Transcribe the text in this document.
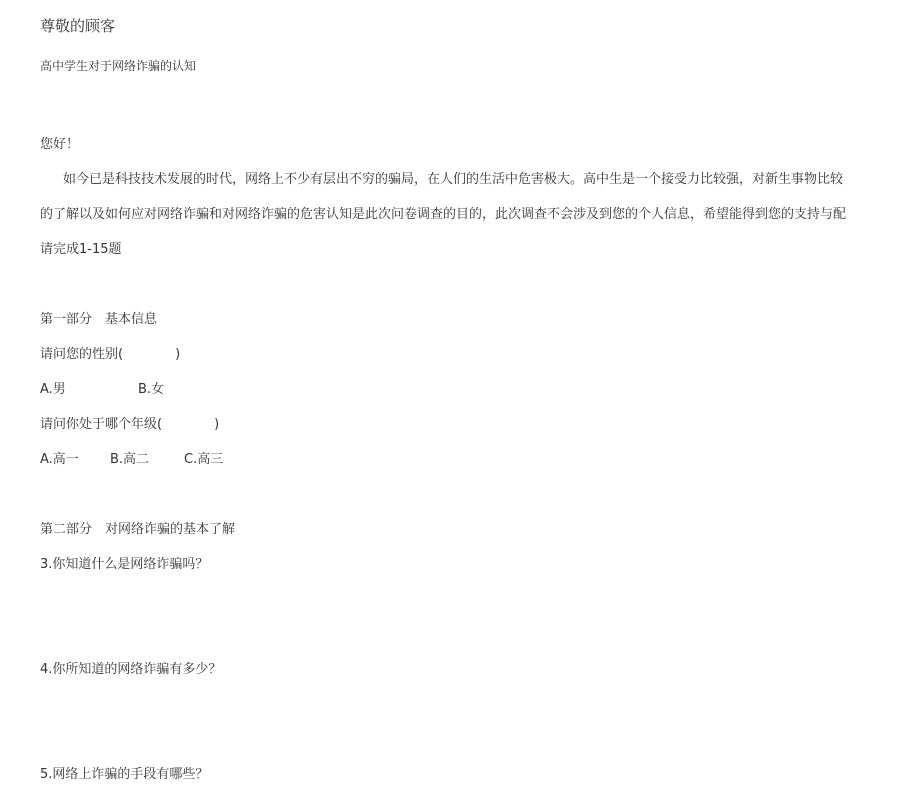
尊敬的顾客
高中学生对于网络诈骗的认知
您好！
如今已是科技技术发展的时代，网络上不少有层出不穷的骗局，在人们的生活中危害极大。高中生是一个接受力比较强，对新生事物比较
的了解以及如何应对网络诈骗和对网络诈骗的危害认知是此次问卷调查的目的，此次调查不会涉及到您的个人信息，希望能得到您的支持与配
请完成1-15题
第一部分　基本信息
请问您的性别(　　　　)
A.男	B.女
请问你处于哪个年级(　　　　)
A.高一 B.高二	C.高三
第二部分　对网络诈骗的基本了解
3.你知道什么是网络诈骗吗？
4.你所知道的网络诈骗有多少？
5.网络上诈骗的手段有哪些？
